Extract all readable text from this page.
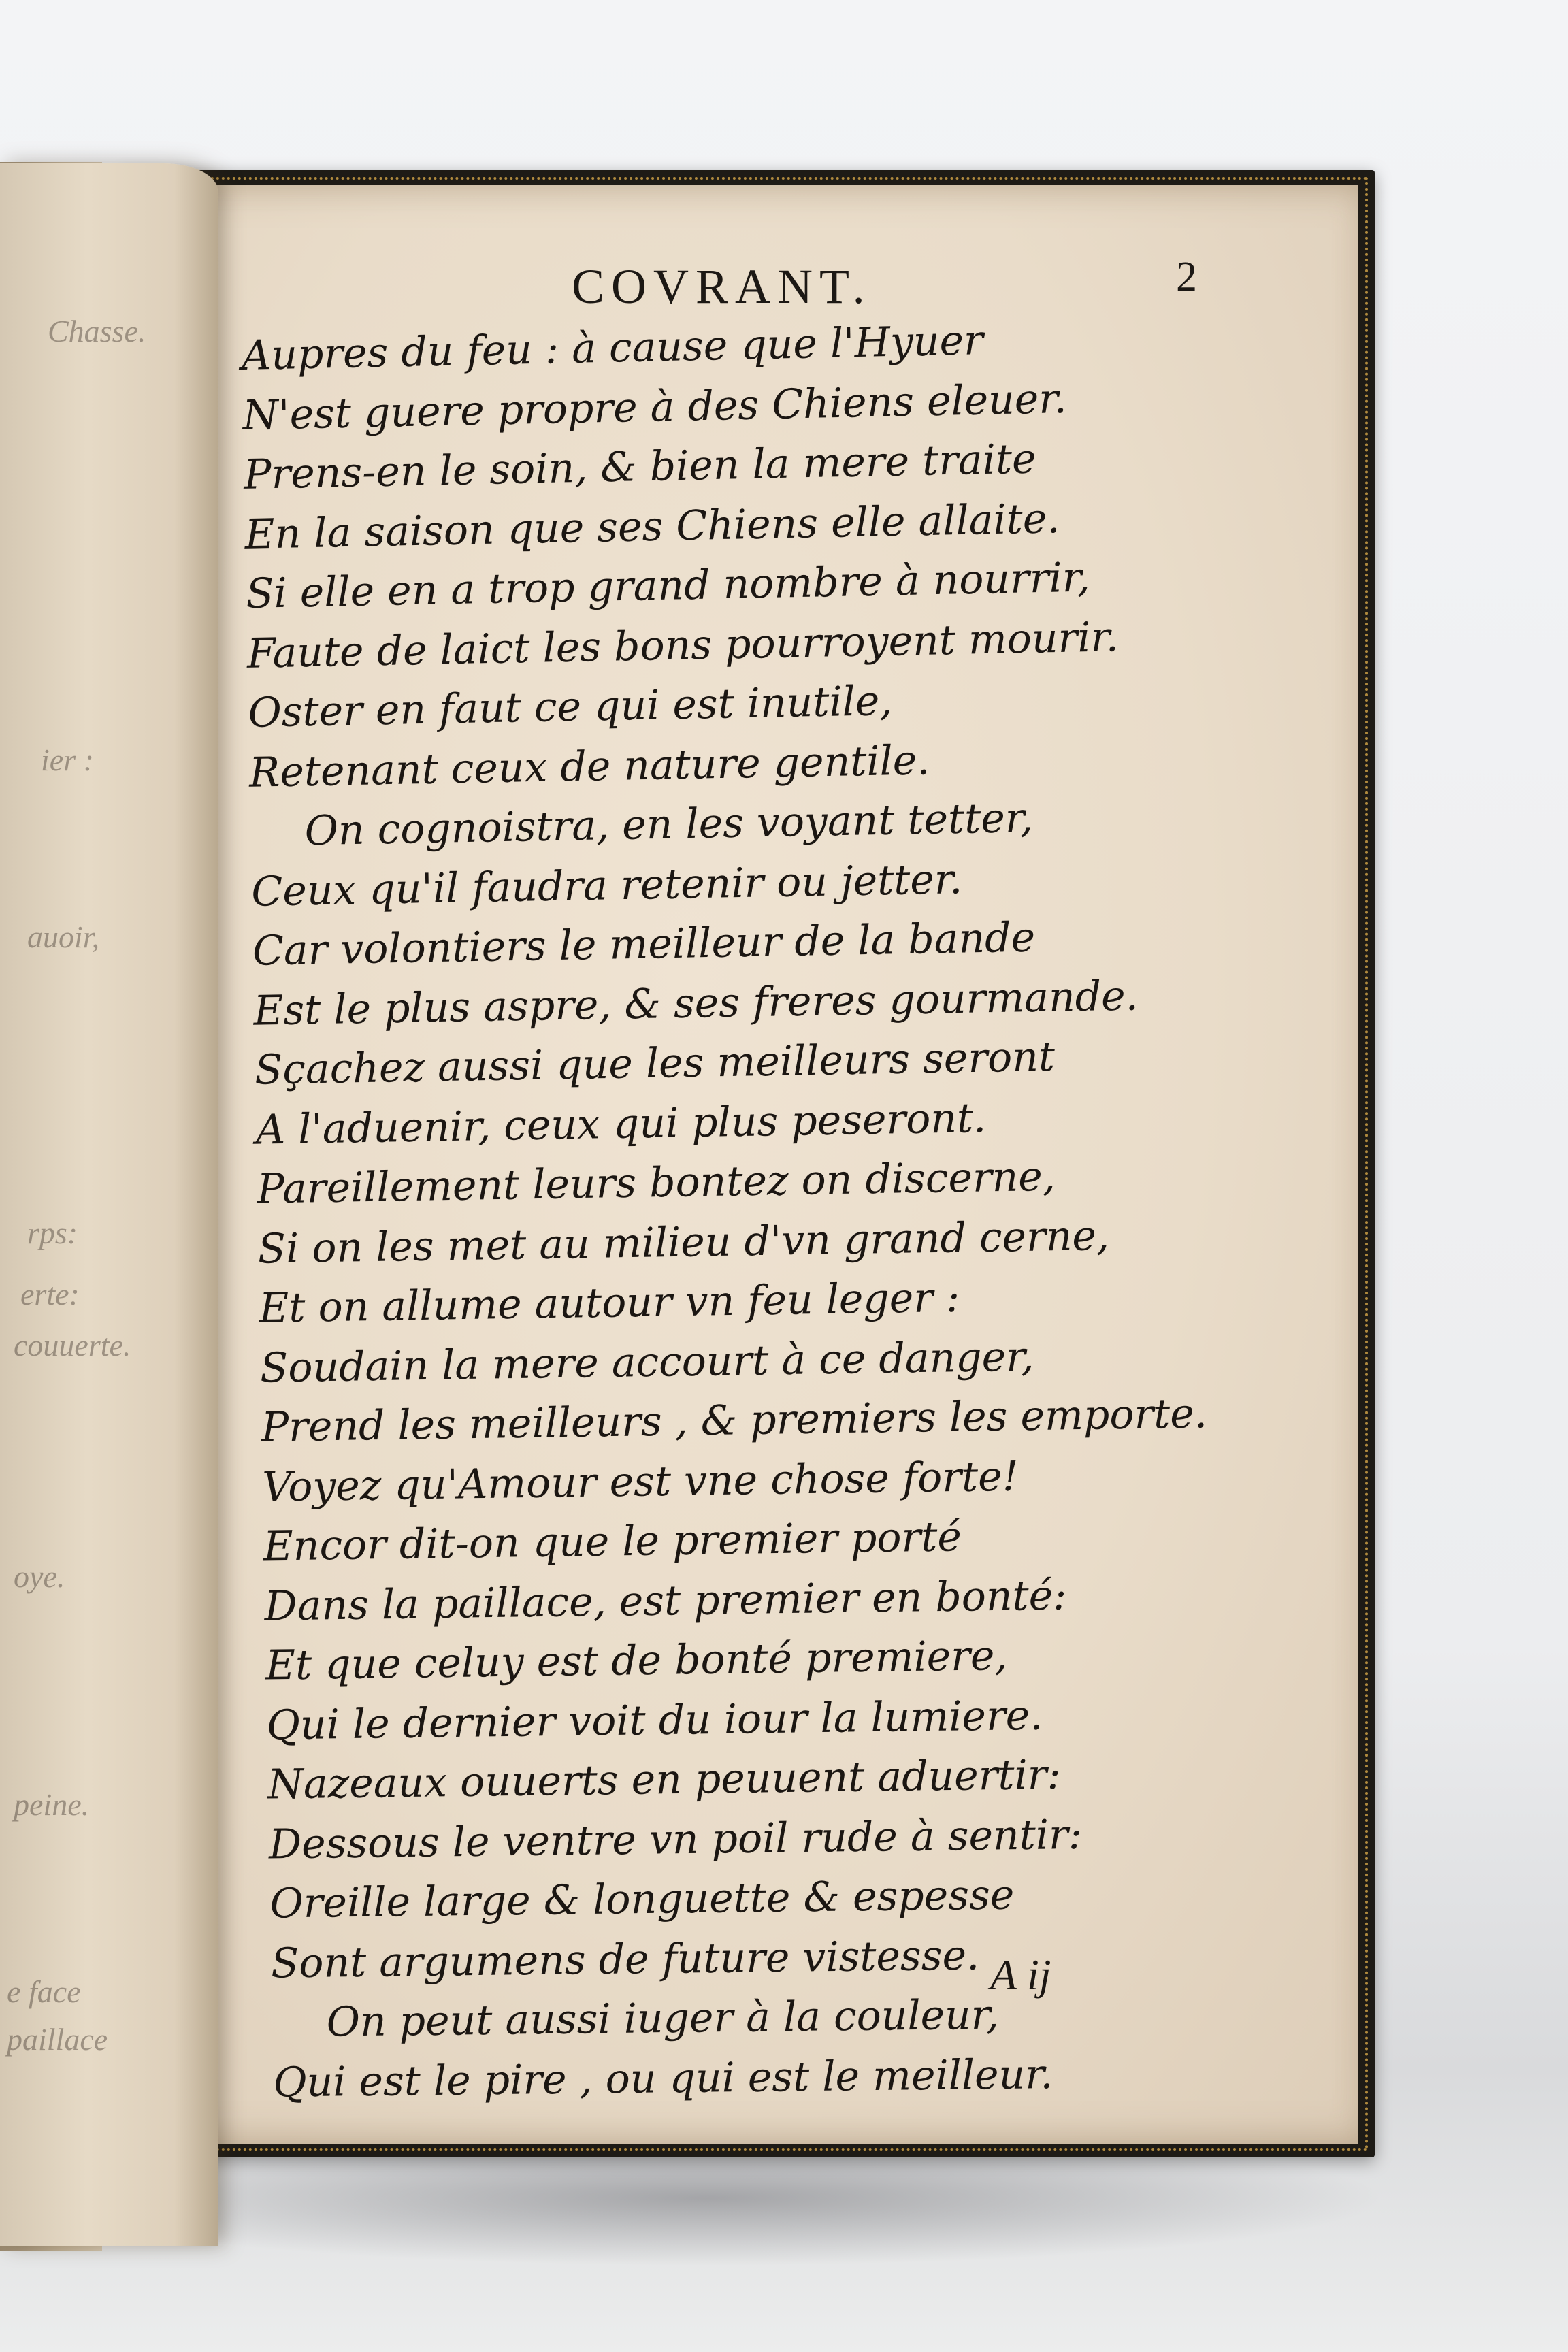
Chasse.
ier :
auoir,
rps:
erte:
couuerte.
oye.
peine.
e face
paillace
COVRANT.	2
Aupres du feu : à cause que l'Hyuer
N'est guere propre à des Chiens eleuer.
Prens-en le soin, & bien la mere traite
En la saison que ses Chiens elle allaite.
Si elle en a trop grand nombre à nourrir,
Faute de laict les bons pourroyent mourir.
Oster en faut ce qui est inutile,
Retenant ceux de nature gentile.
On cognoistra, en les voyant tetter,
Ceux qu'il faudra retenir ou jetter.
Car volontiers le meilleur de la bande
Est le plus aspre, & ses freres gourmande.
Sçachez aussi que les meilleurs seront
A l'aduenir, ceux qui plus peseront.
Pareillement leurs bontez on discerne,
Si on les met au milieu d'vn grand cerne,
Et on allume autour vn feu leger :
Soudain la mere accourt à ce danger,
Prend les meilleurs , & premiers les emporte.
Voyez qu'Amour est vne chose forte!
Encor dit-on que le premier porté
Dans la paillace, est premier en bonté:
Et que celuy est de bonté premiere,
Qui le dernier voit du iour la lumiere.
Nazeaux ouuerts en peuuent aduertir:
Dessous le ventre vn poil rude à sentir:
Oreille large & longuette & espesse
Sont argumens de future vistesse.
On peut aussi iuger à la couleur,
Qui est le pire , ou qui est le meilleur.
A ij
